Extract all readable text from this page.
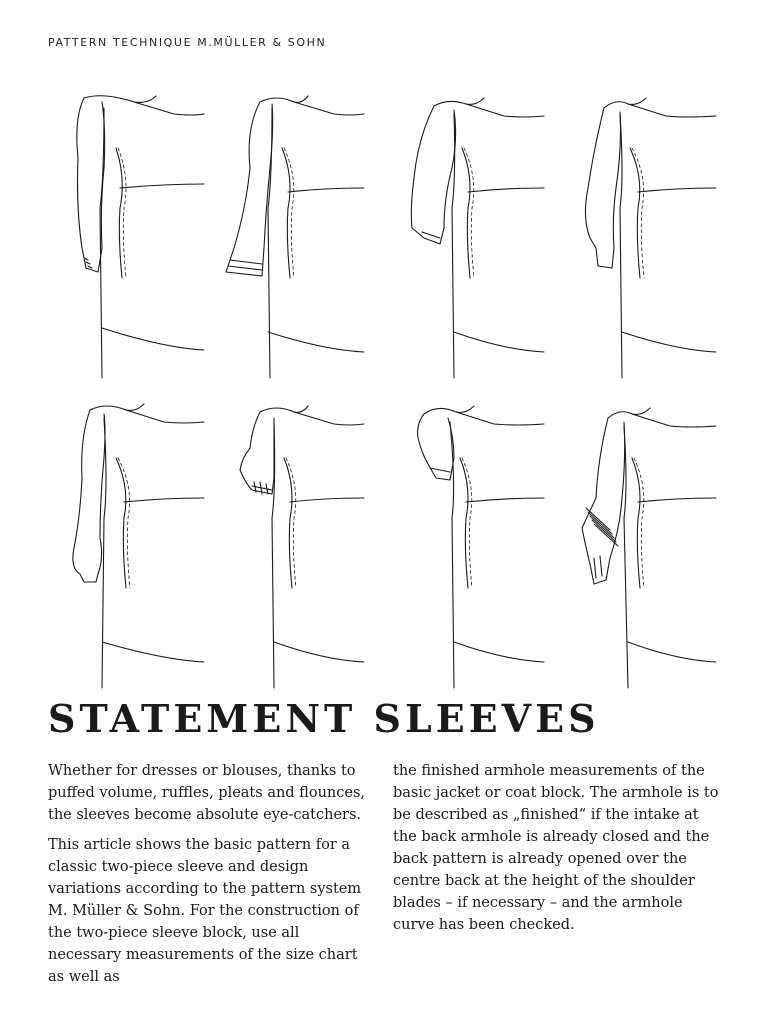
PATTERN TECHNIQUE M.MÜLLER & SOHN
STATEMENT SLEEVES

Whether for dresses or blouses, thanks to puffed volume, ruffles, pleats and flounces, the sleeves become absolute eye-catchers.

This article shows the basic pattern for a classic two-piece sleeve and design variations according to the pattern system M. Müller & Sohn. For the construction of the two-piece sleeve block, use all necessary measurements of the size chart as well as

the finished armhole measurements of the basic jacket or coat block. The armhole is to be described as „finished“ if the intake at the back armhole is already closed and the back pattern is already opened over the centre back at the height of the shoulder blades – if necessary – and the armhole curve has been checked.
